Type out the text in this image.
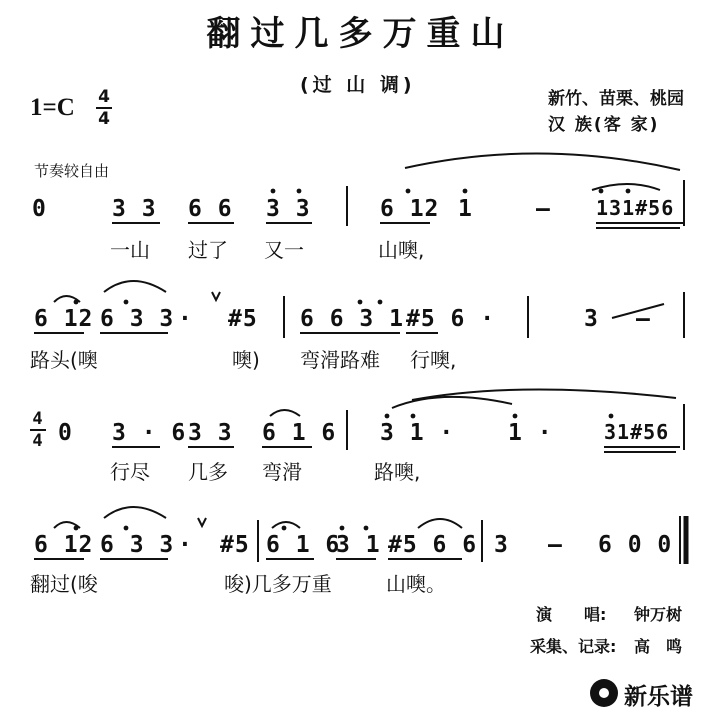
翻过几多万重山
(过 山 调)
1=C 4
4
新竹、苗栗、桃园
汉 族(客 家)
节奏较自由
0	3 3 6 6 3 3	6 12 1	– 131#56
一山 过了 又一	山噢,
6 12 6 3 3 · #5 6 6 3 1 #5 6 ·	3 –
路头(噢	噢) 弯滑路难 行噢,
4
4 0 3 · 6 3 3 6 1 6 3 1 · 1 ·	31#56
行尽 几多 弯滑	路噢,
6 12 6 3 3 · #5 6 1 6
3 1 #5 6 6 3 – 6 0 0
翻过(唆	唆)几多万重	山噢。
演　　唱: 钟万树
采集、记录: 高　鸣
新乐谱
